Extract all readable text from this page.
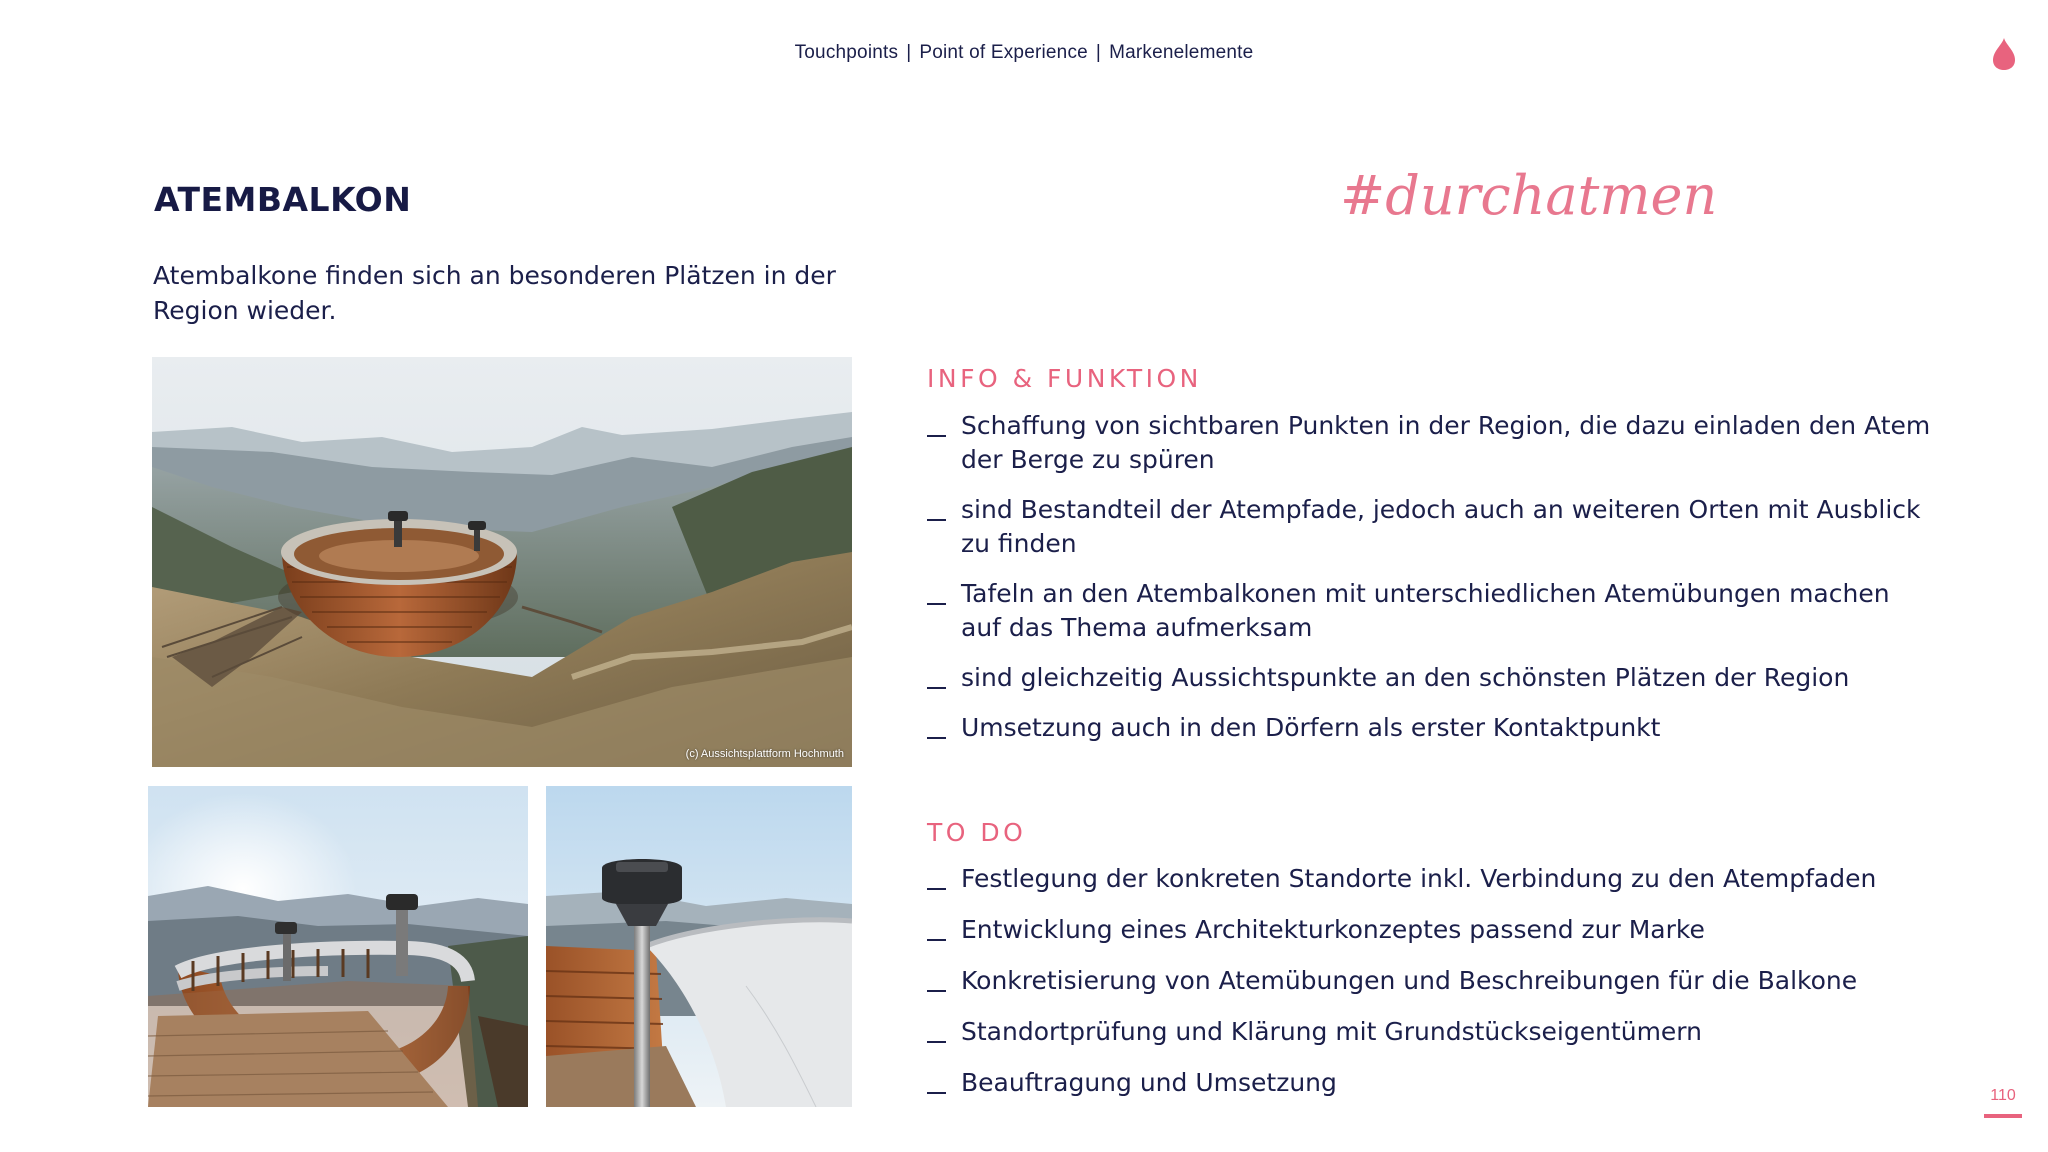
Touchpoints | Point of Experience | Markenelemente
ATEMBALKON

Atembalkone finden sich an besonderen Plätzen in der Region wieder.

#durchatmen
(c) Aussichtsplattform Hochmuth
INFO & FUNKTION
Schaffung von sichtbaren Punkten in der Region, die dazu einladen den Atem der Berge zu spüren
sind Bestandteil der Atempfade, jedoch auch an weiteren Orten mit Ausblick zu finden
Tafeln an den Atembalkonen mit unterschiedlichen Atemübungen machen auf das Thema aufmerksam
sind gleichzeitig Aussichtspunkte an den schönsten Plätzen der Region
Umsetzung auch in den Dörfern als erster Kontaktpunkt
TO DO
Festlegung der konkreten Standorte inkl. Verbindung zu den Atempfaden
Entwicklung eines Architekturkonzeptes passend zur Marke
Konkretisierung von Atemübungen und Beschreibungen für die Balkone
Standortprüfung und Klärung mit Grundstückseigentümern
Beauftragung und Umsetzung	110
